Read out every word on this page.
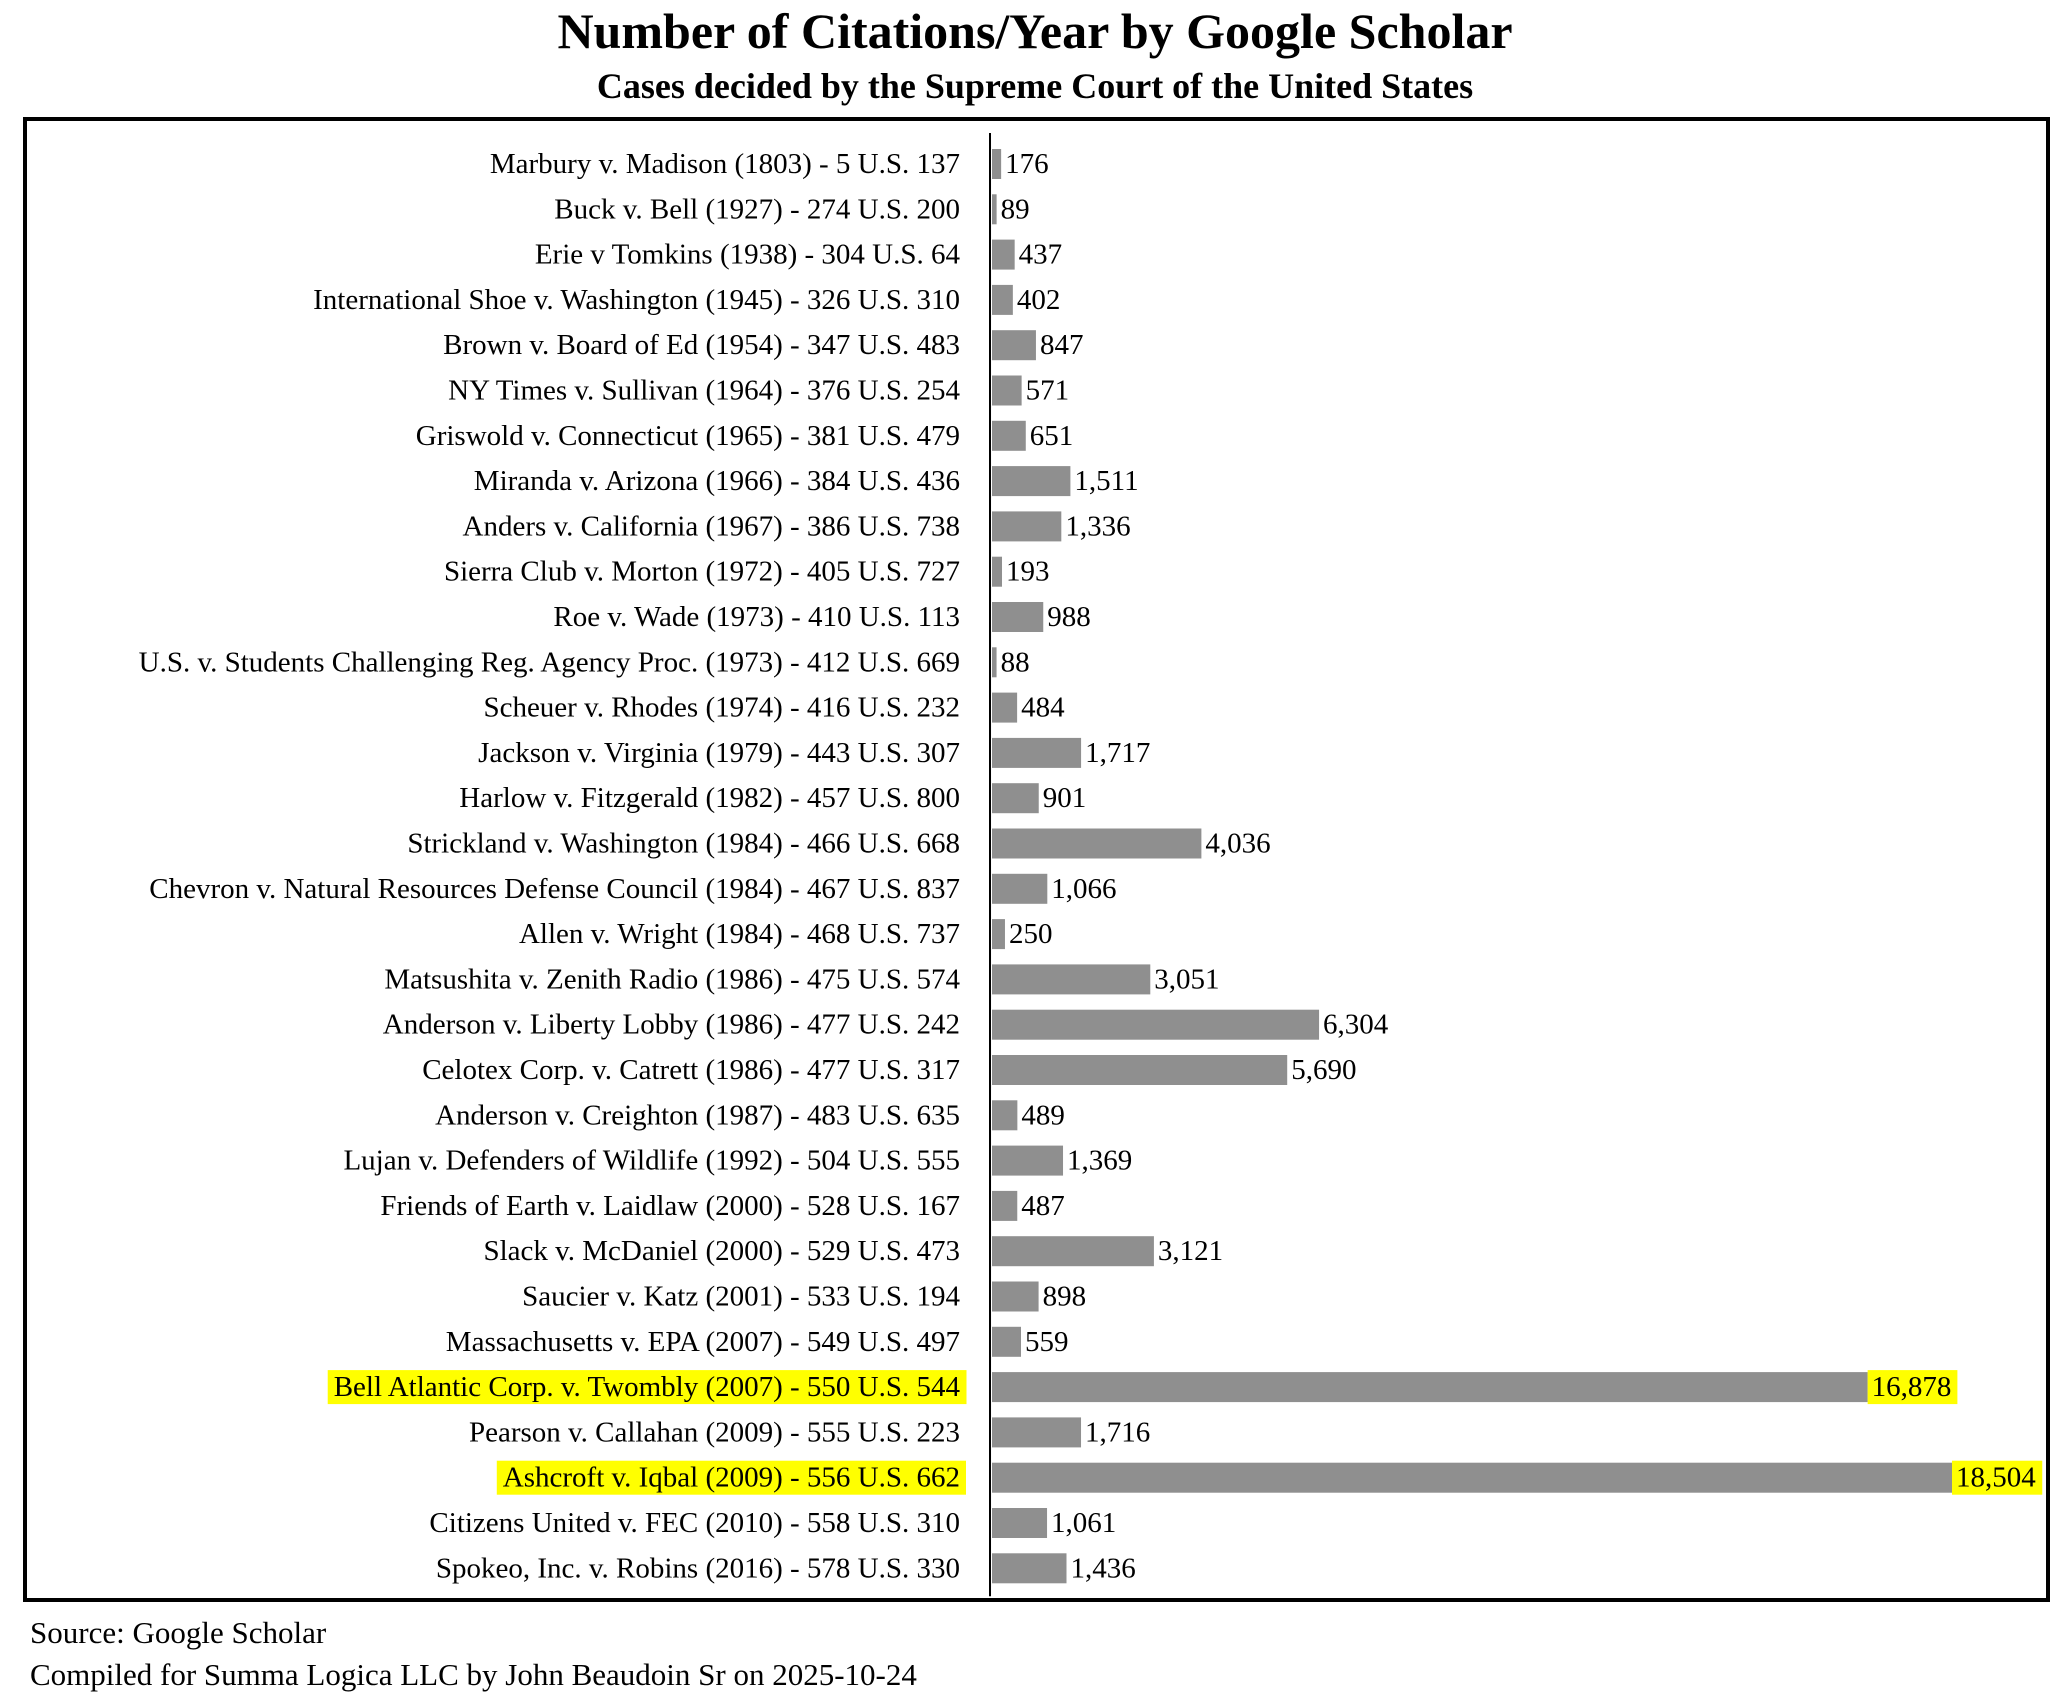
Number of Citations/Year by Google Scholar
Cases decided by the Supreme Court of the United States
Marbury v. Madison (1803) - 5 U.S. 137 176
Buck v. Bell (1927) - 274 U.S. 200 89
Erie v Tomkins (1938) - 304 U.S. 64 437
International Shoe v. Washington (1945) - 326 U.S. 310 402
Brown v. Board of Ed (1954) - 347 U.S. 483	847
NY Times v. Sullivan (1964) - 376 U.S. 254 571
Griswold v. Connecticut (1965) - 381 U.S. 479 651
Miranda v. Arizona (1966) - 384 U.S. 436	1,511
Anders v. California (1967) - 386 U.S. 738	1,336
Sierra Club v. Morton (1972) - 405 U.S. 727 193
Roe v. Wade (1973) - 410 U.S. 113	988
U.S. v. Students Challenging Reg. Agency Proc. (1973) - 412 U.S. 669 88
Scheuer v. Rhodes (1974) - 416 U.S. 232 484
Jackson v. Virginia (1979) - 443 U.S. 307	1,717
Harlow v. Fitzgerald (1982) - 457 U.S. 800	901
Strickland v. Washington (1984) - 466 U.S. 668	4,036
Chevron v. Natural Resources Defense Council (1984) - 467 U.S. 837	1,066
Allen v. Wright (1984) - 468 U.S. 737 250
Matsushita v. Zenith Radio (1986) - 475 U.S. 574	3,051
Anderson v. Liberty Lobby (1986) - 477 U.S. 242	6,304
Celotex Corp. v. Catrett (1986) - 477 U.S. 317	5,690
Anderson v. Creighton (1987) - 483 U.S. 635 489
Lujan v. Defenders of Wildlife (1992) - 504 U.S. 555	1,369
Friends of Earth v. Laidlaw (2000) - 528 U.S. 167 487
Slack v. McDaniel (2000) - 529 U.S. 473	3,121
Saucier v. Katz (2001) - 533 U.S. 194	898
Massachusetts v. EPA (2007) - 549 U.S. 497 559
Bell Atlantic Corp. v. Twombly (2007) - 550 U.S. 544	16,878
Pearson v. Callahan (2009) - 555 U.S. 223	1,716
Ashcroft v. Iqbal (2009) - 556 U.S. 662	18,504
Citizens United v. FEC (2010) - 558 U.S. 310	1,061
Spokeo, Inc. v. Robins (2016) - 578 U.S. 330	1,436
Source: Google Scholar
Compiled for Summa Logica LLC by John Beaudoin Sr on 2025-10-24
